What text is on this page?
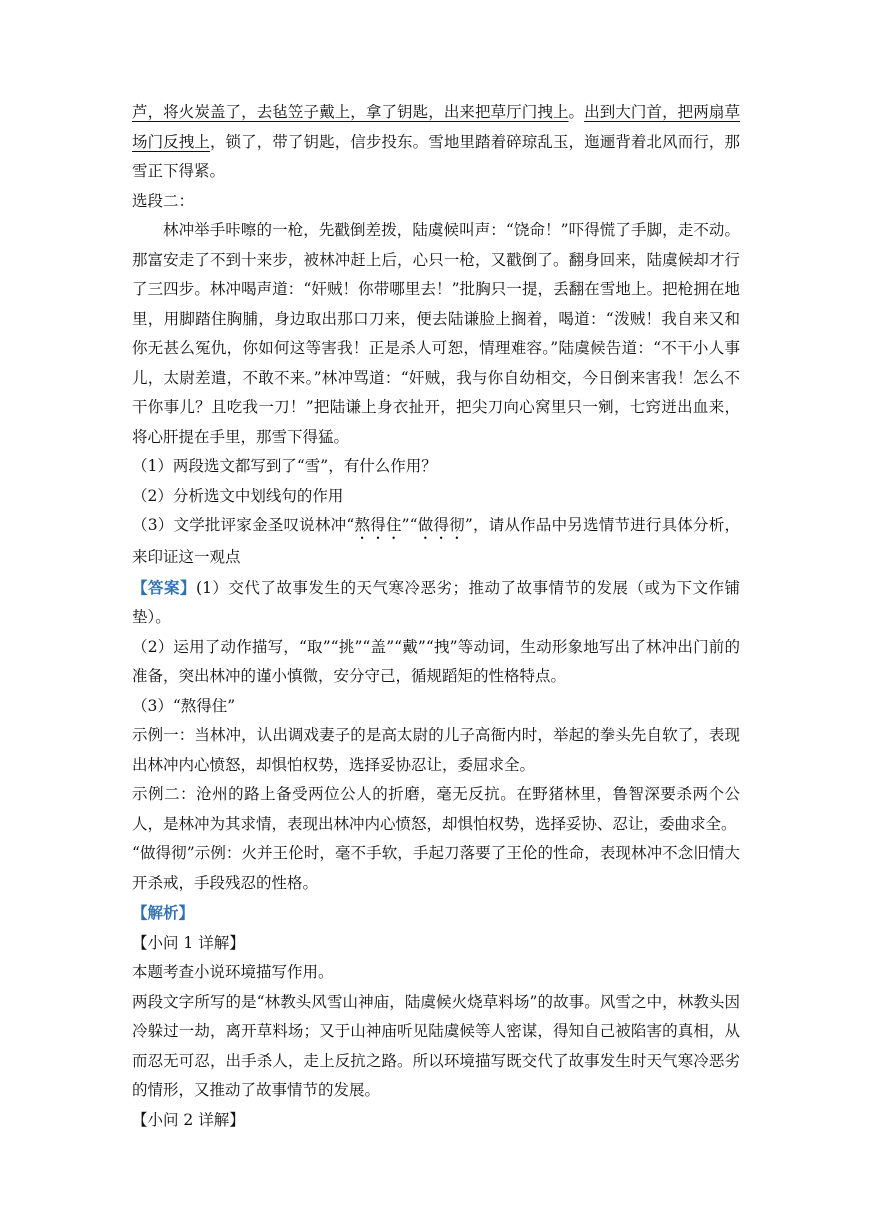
芦，将火炭盖了，去毡笠子戴上，拿了钥匙，出来把草厅门拽上。出到大门首，把两扇草场门反拽上，锁了，带了钥匙，信步投东。雪地里踏着碎琼乱玉，迤逦背着北风而行，那雪正下得紧。

选段二：

林冲举手咔嚓的一枪，先戳倒差拨，陆虞候叫声：“饶命！”吓得慌了手脚，走不动。那富安走了不到十来步，被林冲赶上后，心只一枪，又戳倒了。翻身回来，陆虞候却才行了三四步。林冲喝声道：“奸贼！你带哪里去！”批胸只一提，丢翻在雪地上。把枪拥在地里，用脚踏住胸脯，身边取出那口刀来，便去陆谦脸上搁着，喝道：“泼贼！我自来又和你无甚么冤仇，你如何这等害我！正是杀人可恕，情理难容。”陆虞候告道：“不干小人事儿，太尉差遣，不敢不来。”林冲骂道：“奸贼，我与你自幼相交，今日倒来害我！怎么不干你事儿？且吃我一刀！”把陆谦上身衣扯开，把尖刀向心窝里只一剜，七窍迸出血来，将心肝提在手里，那雪下得猛。

（1）两段选文都写到了“雪”，有什么作用？

（2）分析选文中划线句的作用

（3）文学批评家金圣叹说林冲“熬得住”“做得彻”，请从作品中另选情节进行具体分析，来印证这一观点

【答案】(1）交代了故事发生的天气寒冷恶劣；推动了故事情节的发展（或为下文作铺垫）。

（2）运用了动作描写，“取”“挑”“盖”“戴”“拽”等动词，生动形象地写出了林冲出门前的准备，突出林冲的谨小慎微，安分守己，循规蹈矩的性格特点。

（3）“熬得住”

示例一：当林冲，认出调戏妻子的是高太尉的儿子高衙内时，举起的拳头先自软了，表现出林冲内心愤怒，却惧怕权势，选择妥协忍让，委屈求全。

示例二：沧州的路上备受两位公人的折磨，毫无反抗。在野猪林里，鲁智深要杀两个公人，是林冲为其求情，表现出林冲内心愤怒，却惧怕权势，选择妥协、忍让，委曲求全。

“做得彻”示例：火并王伦时，毫不手软，手起刀落要了王伦的性命，表现林冲不念旧情大开杀戒，手段残忍的性格。

【解析】

【小问 1 详解】

本题考查小说环境描写作用。

两段文字所写的是“林教头风雪山神庙，陆虞候火烧草料场”的故事。风雪之中，林教头因冷躲过一劫，离开草料场；又于山神庙听见陆虞候等人密谋，得知自己被陷害的真相，从而忍无可忍，出手杀人，走上反抗之路。所以环境描写既交代了故事发生时天气寒冷恶劣的情形，又推动了故事情节的发展。

【小问 2 详解】
